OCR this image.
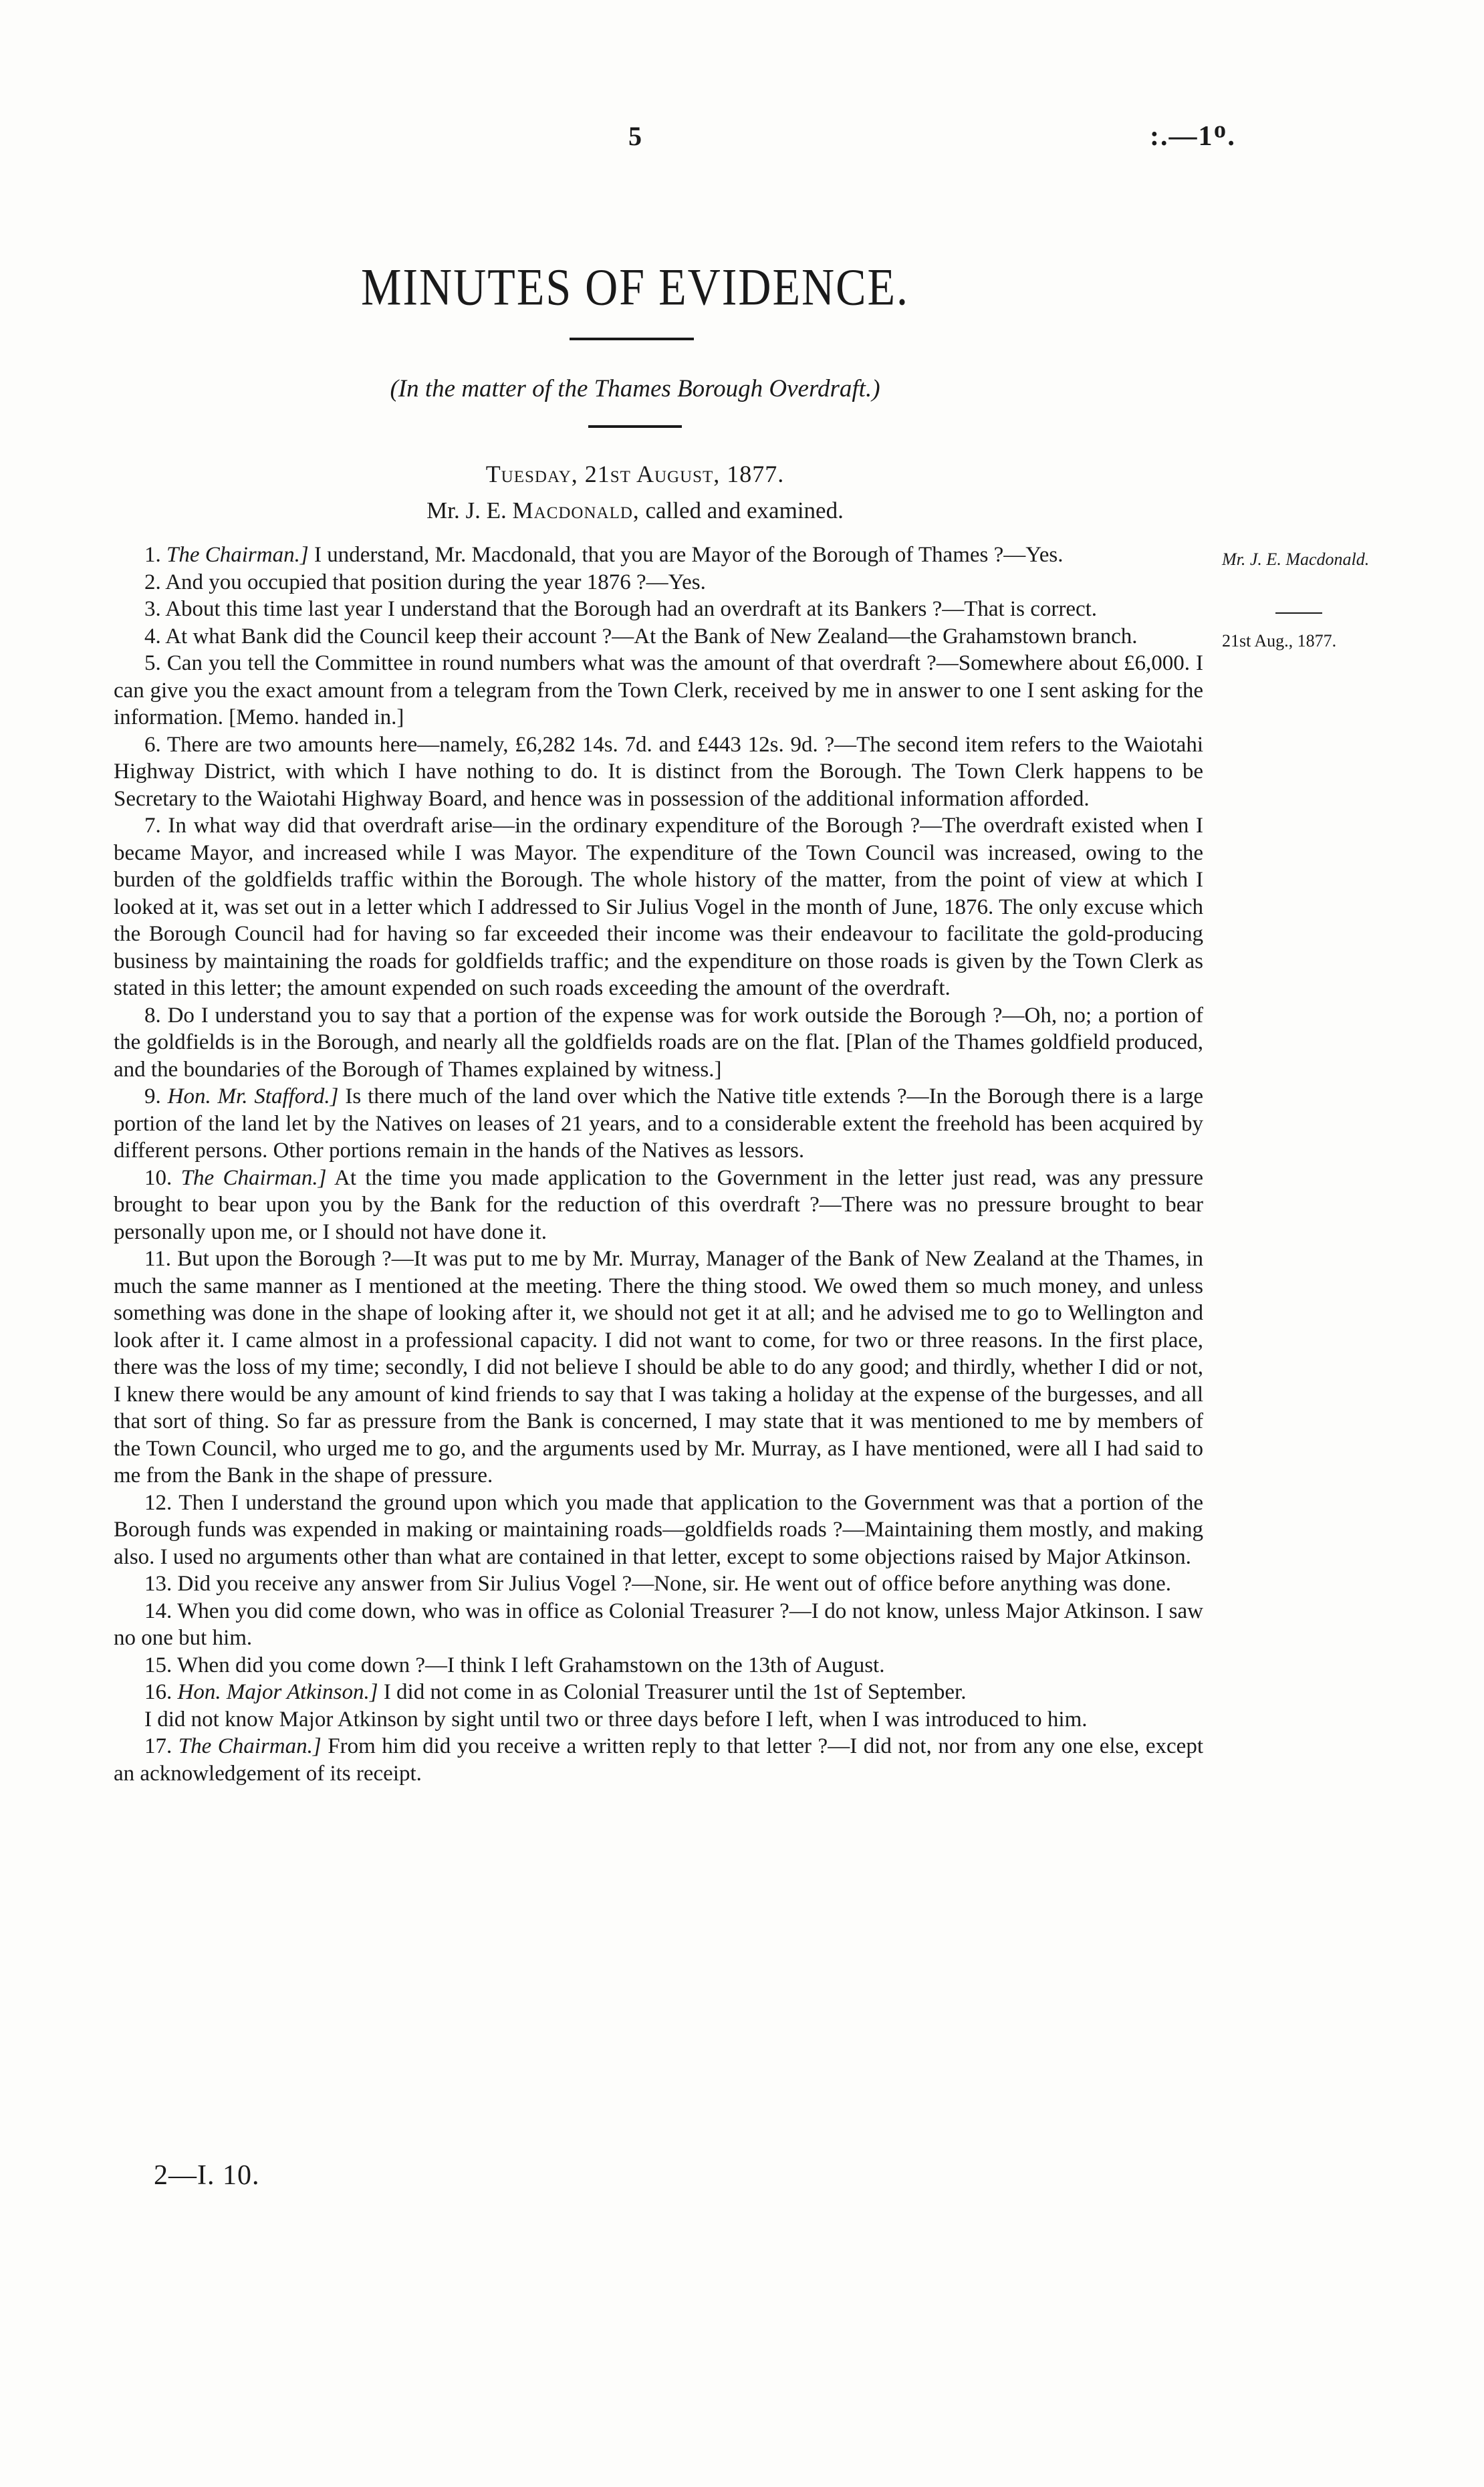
5	:.—1ᴼ.
MINUTES OF EVIDENCE.
(In the matter of the Thames Borough Overdraft.)
Tuesday, 21st August, 1877.
Mr. J. E. Macdonald, called and examined.
Mr. J. E. Macdonald.
21st Aug., 1877.

1. The Chairman.] I understand, Mr. Macdonald, that you are Mayor of the Borough of Thames ?—Yes.

2. And you occupied that position during the year 1876 ?—Yes.

3. About this time last year I understand that the Borough had an overdraft at its Bankers ?—That is correct.

4. At what Bank did the Council keep their account ?—At the Bank of New Zealand—the Grahamstown branch.

5. Can you tell the Committee in round numbers what was the amount of that overdraft ?—Somewhere about £6,000. I can give you the exact amount from a telegram from the Town Clerk, received by me in answer to one I sent asking for the information. [Memo. handed in.]

6. There are two amounts here—namely, £6,282 14s. 7d. and £443 12s. 9d. ?—The second item refers to the Waiotahi Highway District, with which I have nothing to do. It is distinct from the Borough. The Town Clerk happens to be Secretary to the Waiotahi Highway Board, and hence was in possession of the additional information afforded.

7. In what way did that overdraft arise—in the ordinary expenditure of the Borough ?—The overdraft existed when I became Mayor, and increased while I was Mayor. The expenditure of the Town Council was increased, owing to the burden of the goldfields traffic within the Borough. The whole history of the matter, from the point of view at which I looked at it, was set out in a letter which I addressed to Sir Julius Vogel in the month of June, 1876. The only excuse which the Borough Council had for having so far exceeded their income was their endeavour to facilitate the gold-producing business by maintaining the roads for goldfields traffic; and the expenditure on those roads is given by the Town Clerk as stated in this letter; the amount expended on such roads exceeding the amount of the overdraft.

8. Do I understand you to say that a portion of the expense was for work outside the Borough ?—Oh, no; a portion of the goldfields is in the Borough, and nearly all the goldfields roads are on the flat. [Plan of the Thames goldfield produced, and the boundaries of the Borough of Thames explained by witness.]

9. Hon. Mr. Stafford.] Is there much of the land over which the Native title extends ?—In the Borough there is a large portion of the land let by the Natives on leases of 21 years, and to a considerable extent the freehold has been acquired by different persons. Other portions remain in the hands of the Natives as lessors.

10. The Chairman.] At the time you made application to the Government in the letter just read, was any pressure brought to bear upon you by the Bank for the reduction of this overdraft ?—There was no pressure brought to bear personally upon me, or I should not have done it.

11. But upon the Borough ?—It was put to me by Mr. Murray, Manager of the Bank of New Zealand at the Thames, in much the same manner as I mentioned at the meeting. There the thing stood. We owed them so much money, and unless something was done in the shape of looking after it, we should not get it at all; and he advised me to go to Wellington and look after it. I came almost in a professional capacity. I did not want to come, for two or three reasons. In the first place, there was the loss of my time; secondly, I did not believe I should be able to do any good; and thirdly, whether I did or not, I knew there would be any amount of kind friends to say that I was taking a holiday at the expense of the burgesses, and all that sort of thing. So far as pressure from the Bank is concerned, I may state that it was mentioned to me by members of the Town Council, who urged me to go, and the arguments used by Mr. Murray, as I have mentioned, were all I had said to me from the Bank in the shape of pressure.

12. Then I understand the ground upon which you made that application to the Government was that a portion of the Borough funds was expended in making or maintaining roads—goldfields roads ?—Maintaining them mostly, and making also. I used no arguments other than what are contained in that letter, except to some objections raised by Major Atkinson.

13. Did you receive any answer from Sir Julius Vogel ?—None, sir. He went out of office before anything was done.

14. When you did come down, who was in office as Colonial Treasurer ?—I do not know, unless Major Atkinson. I saw no one but him.

15. When did you come down ?—I think I left Grahamstown on the 13th of August.

16. Hon. Major Atkinson.] I did not come in as Colonial Treasurer until the 1st of September.

I did not know Major Atkinson by sight until two or three days before I left, when I was introduced to him.

17. The Chairman.] From him did you receive a written reply to that letter ?—I did not, nor from any one else, except an acknowledgement of its receipt.

2—I. 10.
